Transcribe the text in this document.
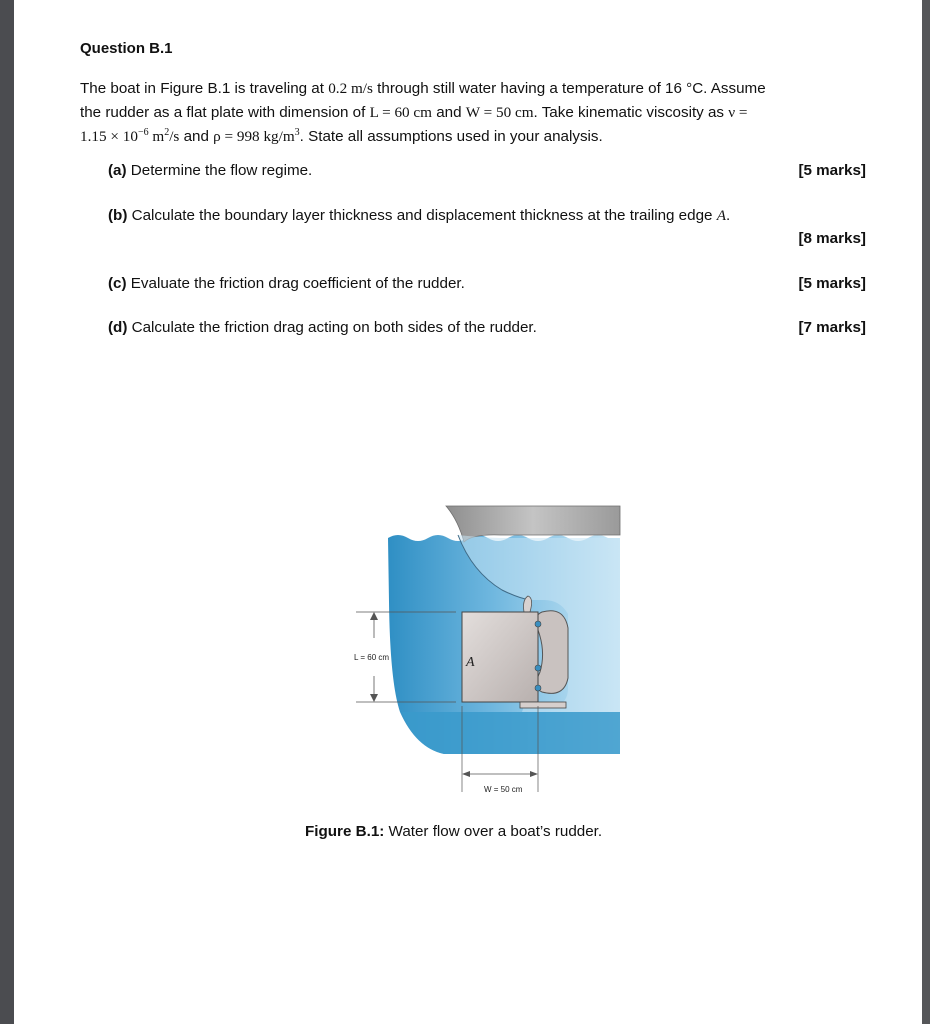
Question B.1
The boat in Figure B.1 is traveling at 0.2 m/s through still water having a temperature of 16 °C. Assume
the rudder as a flat plate with dimension of L = 60 cm and W = 50 cm. Take kinematic viscosity as ν =
$1.15 \times 10^{-6}$ $m^2/s$ and ρ = 998 $kg/m^3$. State all assumptions used in your analysis.
(a) Determine the flow regime.	[5 marks]
(b) Calculate the boundary layer thickness and displacement thickness at the trailing edge A.
[8 marks]
(c) Evaluate the friction drag coefficient of the rudder.	[5 marks]
(d) Calculate the friction drag acting on both sides of the rudder.	[7 marks]
A
L = 60 cm
W = 50 cm
Figure B.1: Water flow over a boat’s rudder.
